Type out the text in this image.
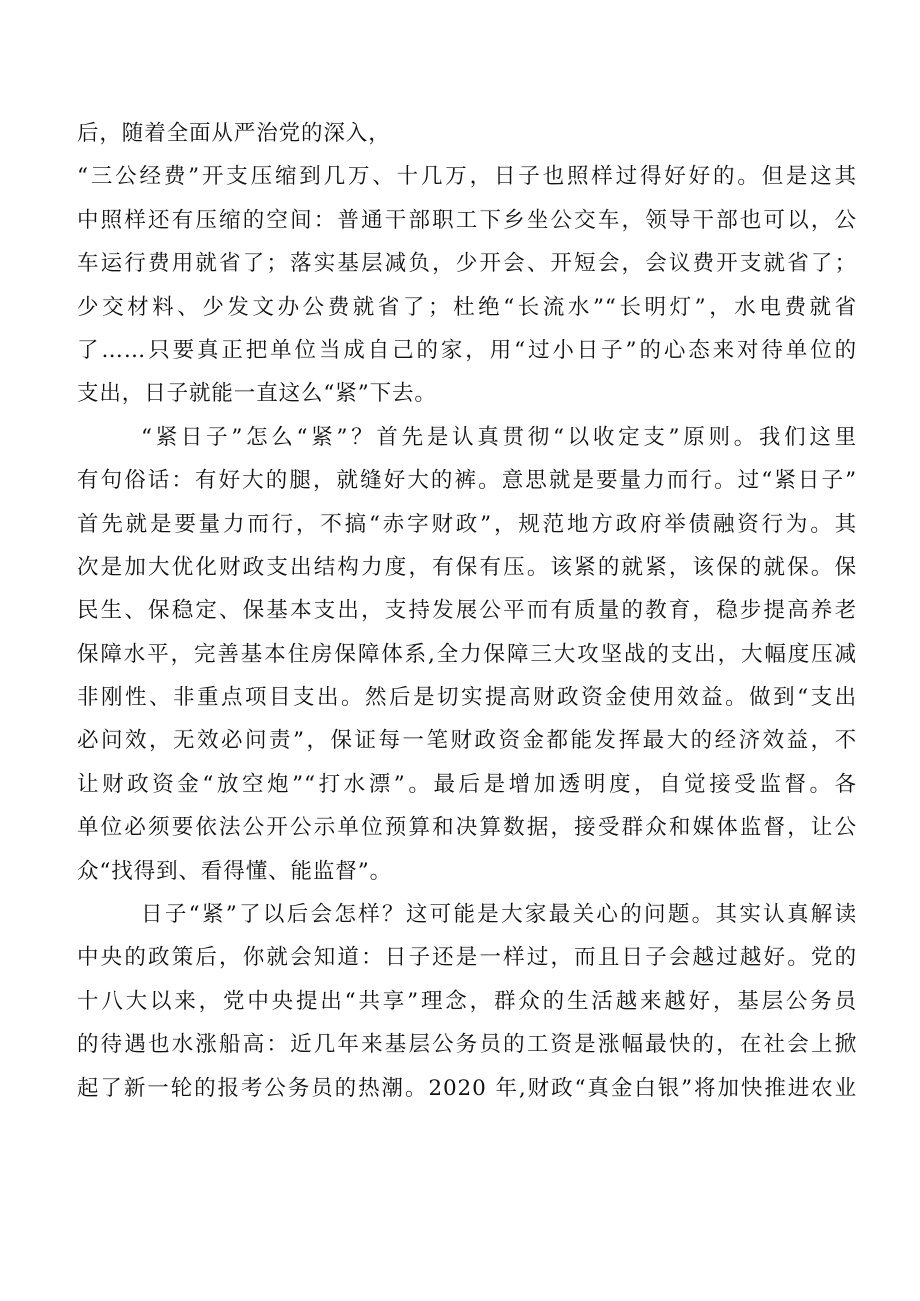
后，随着全面从严治党的深入，
“三公经费”开支压缩到几万、十几万，日子也照样过得好好的。但是这其
中照样还有压缩的空间：普通干部职工下乡坐公交车，领导干部也可以，公
车运行费用就省了；落实基层减负，少开会、开短会，会议费开支就省了；
少交材料、少发文办公费就省了；杜绝“长流水”“长明灯”，水电费就省
了……只要真正把单位当成自己的家，用“过小日子”的心态来对待单位的
支出，日子就能一直这么“紧”下去。
“紧日子”怎么“紧”？首先是认真贯彻“以收定支”原则。我们这里
有句俗话：有好大的腿，就缝好大的裤。意思就是要量力而行。过“紧日子”
首先就是要量力而行，不搞“赤字财政”，规范地方政府举债融资行为。其
次是加大优化财政支出结构力度，有保有压。该紧的就紧，该保的就保。保
民生、保稳定、保基本支出，支持发展公平而有质量的教育，稳步提高养老
保障水平，完善基本住房保障体系,全力保障三大攻坚战的支出，大幅度压减
非刚性、非重点项目支出。然后是切实提高财政资金使用效益。做到“支出
必问效，无效必问责”，保证每一笔财政资金都能发挥最大的经济效益，不
让财政资金“放空炮”“打水漂”。最后是增加透明度，自觉接受监督。各
单位必须要依法公开公示单位预算和决算数据，接受群众和媒体监督，让公
众“找得到、看得懂、能监督”。
日子“紧”了以后会怎样？这可能是大家最关心的问题。其实认真解读
中央的政策后，你就会知道：日子还是一样过，而且日子会越过越好。党的
十八大以来，党中央提出“共享”理念，群众的生活越来越好，基层公务员
的待遇也水涨船高：近几年来基层公务员的工资是涨幅最快的，在社会上掀
起了新一轮的报考公务员的热潮。2020 年,财政“真金白银”将加快推进农业
